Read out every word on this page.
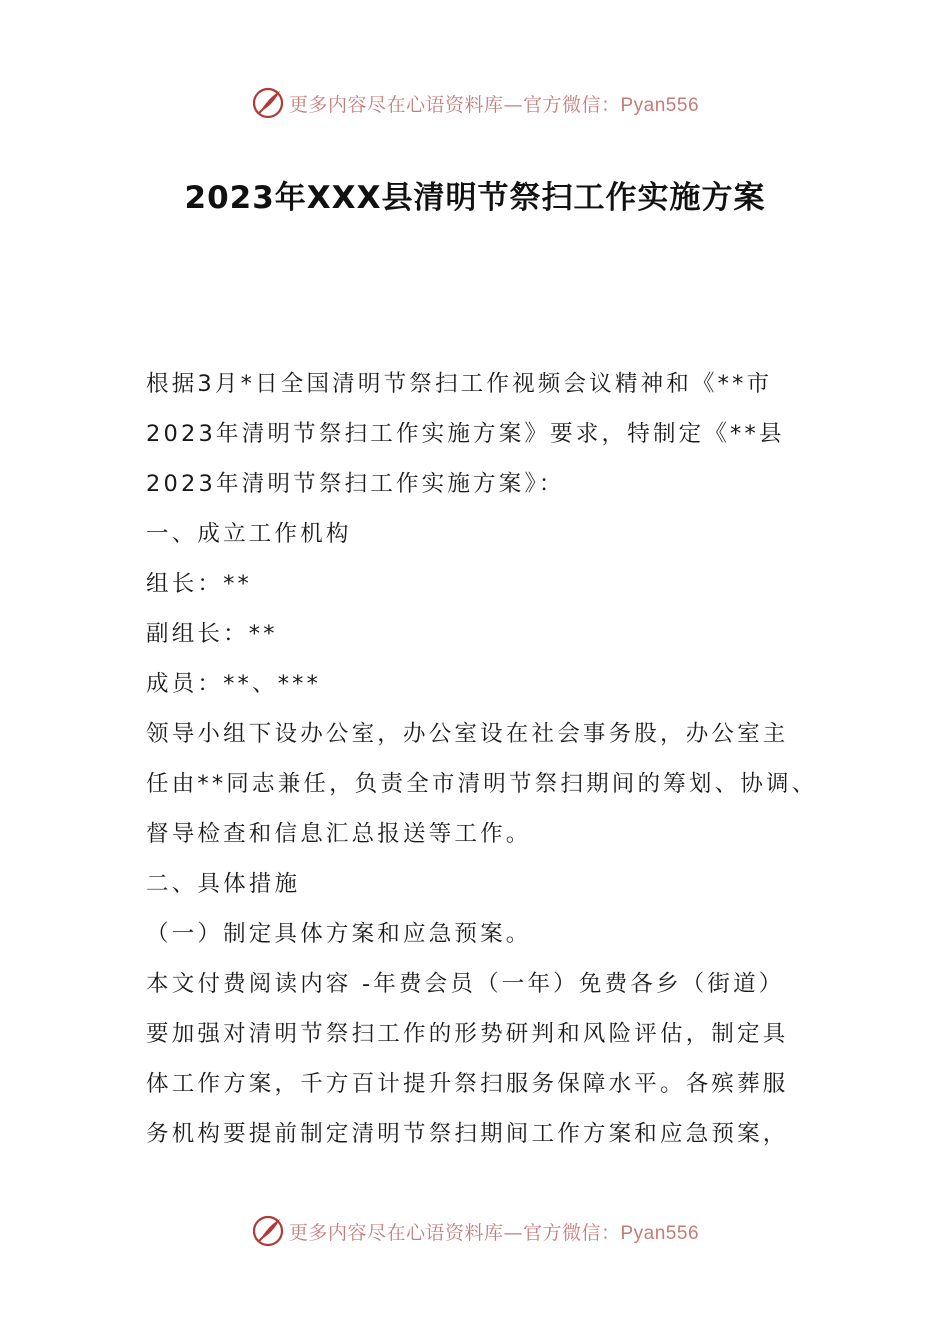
更多内容尽在心语资料库—官方微信：Pyan556
2023年XXX县清明节祭扫工作实施方案
根据3月*日全国清明节祭扫工作视频会议精神和《**市
2023年清明节祭扫工作实施方案》要求，特制定《**县
2023年清明节祭扫工作实施方案》：
一、成立工作机构
组长：**
副组长：**
成员：**、***
领导小组下设办公室，办公室设在社会事务股，办公室主
任由**同志兼任，负责全市清明节祭扫期间的筹划、协调、
督导检查和信息汇总报送等工作。
二、具体措施
（一）制定具体方案和应急预案。
本文付费阅读内容 -年费会员（一年）免费各乡（街道）
要加强对清明节祭扫工作的形势研判和风险评估，制定具
体工作方案，千方百计提升祭扫服务保障水平。各殡葬服
务机构要提前制定清明节祭扫期间工作方案和应急预案，
更多内容尽在心语资料库—官方微信：Pyan556
